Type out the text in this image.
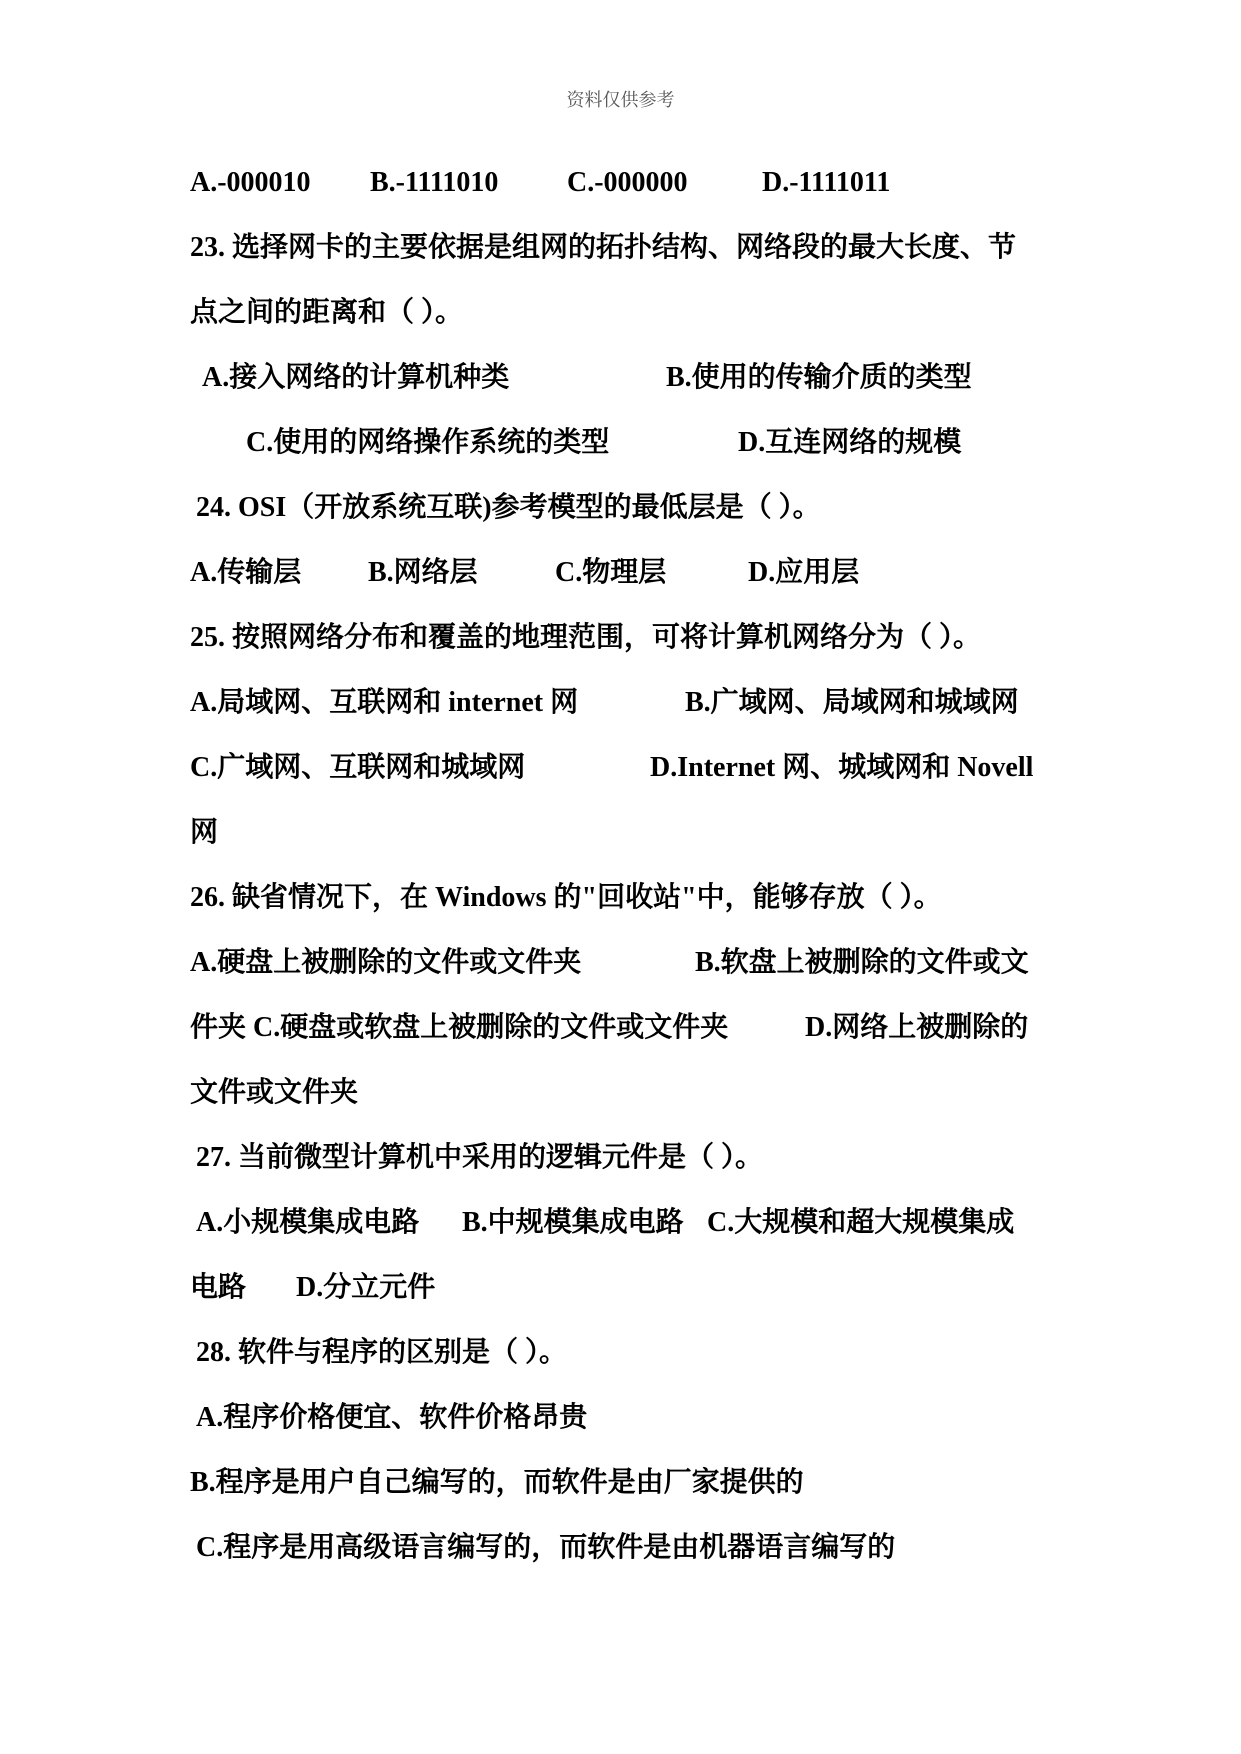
资料仅供参考
A.-000010 B.-1111010 C.-000000	D.-1111011
23. 选择网卡的主要依据是组网的拓扑结构、网络段的最大长度、节
点之间的距离和（ ）。
A.接入网络的计算机种类	B.使用的传输介质的类型
C.使用的网络操作系统的类型	D.互连网络的规模
24. OSI（开放系统互联)参考模型的最低层是（ ）。
A.传输层 B.网络层	C.物理层	D.应用层
25. 按照网络分布和覆盖的地理范围，可将计算机网络分为（ ）。
A.局域网、互联网和 internet 网	B.广域网、局域网和城域网
C.广域网、互联网和城域网	D.Internet 网、城域网和 Novell
网
26. 缺省情况下，在 Windows 的"回收站"中，能够存放（ ）。
A.硬盘上被删除的文件或文件夹	B.软盘上被删除的文件或文
件夹 C.硬盘或软盘上被删除的文件或文件夹	D.网络上被删除的
文件或文件夹
27. 当前微型计算机中采用的逻辑元件是（ ）。
A.小规模集成电路 B.中规模集成电路 C.大规模和超大规模集成
电路 D.分立元件
28. 软件与程序的区别是（ ）。
A.程序价格便宜、软件价格昂贵
B.程序是用户自己编写的，而软件是由厂家提供的
C.程序是用高级语言编写的，而软件是由机器语言编写的
